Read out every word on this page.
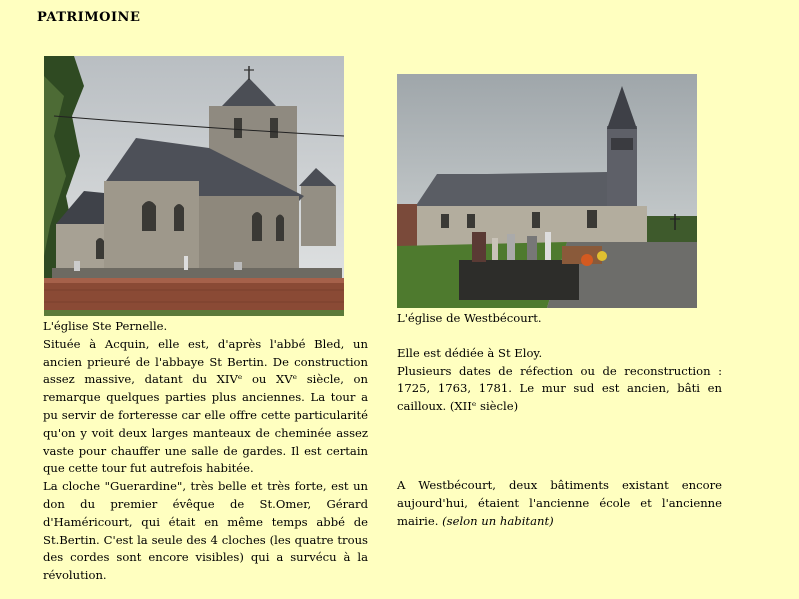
PATRIMOINE

L'église Ste Pernelle.

Située à Acquin, elle est, d'après l'abbé Bled, un ancien prieuré de l'abbaye St Bertin. De construction assez massive, datant du XIVᵉ ou XVᵉ siècle, on remarque quelques parties plus anciennes. La tour a pu servir de forteresse car elle offre cette particularité qu'on y voit deux larges manteaux de cheminée assez vaste pour chauffer une salle de gardes. Il est certain que cette tour fut autrefois habitée.

La cloche "Guerardine", très belle et très forte, est un don du premier évêque de St.Omer, Gérard d'Haméricourt, qui était en même temps abbé de St.Bertin. C'est la seule des 4 cloches (les quatre trous des cordes sont encore visibles) qui a survécu à la révolution.

L'église de Westbécourt.

Elle est dédiée à St Eloy.

Plusieurs dates de réfection ou de reconstruction : 1725, 1763, 1781. Le mur sud est ancien, bâti en cailloux. (XIIᵉ siècle)

A Westbécourt, deux bâtiments existant encore aujourd'hui, étaient l'ancienne école et l'ancienne mairie. (selon un habitant)
